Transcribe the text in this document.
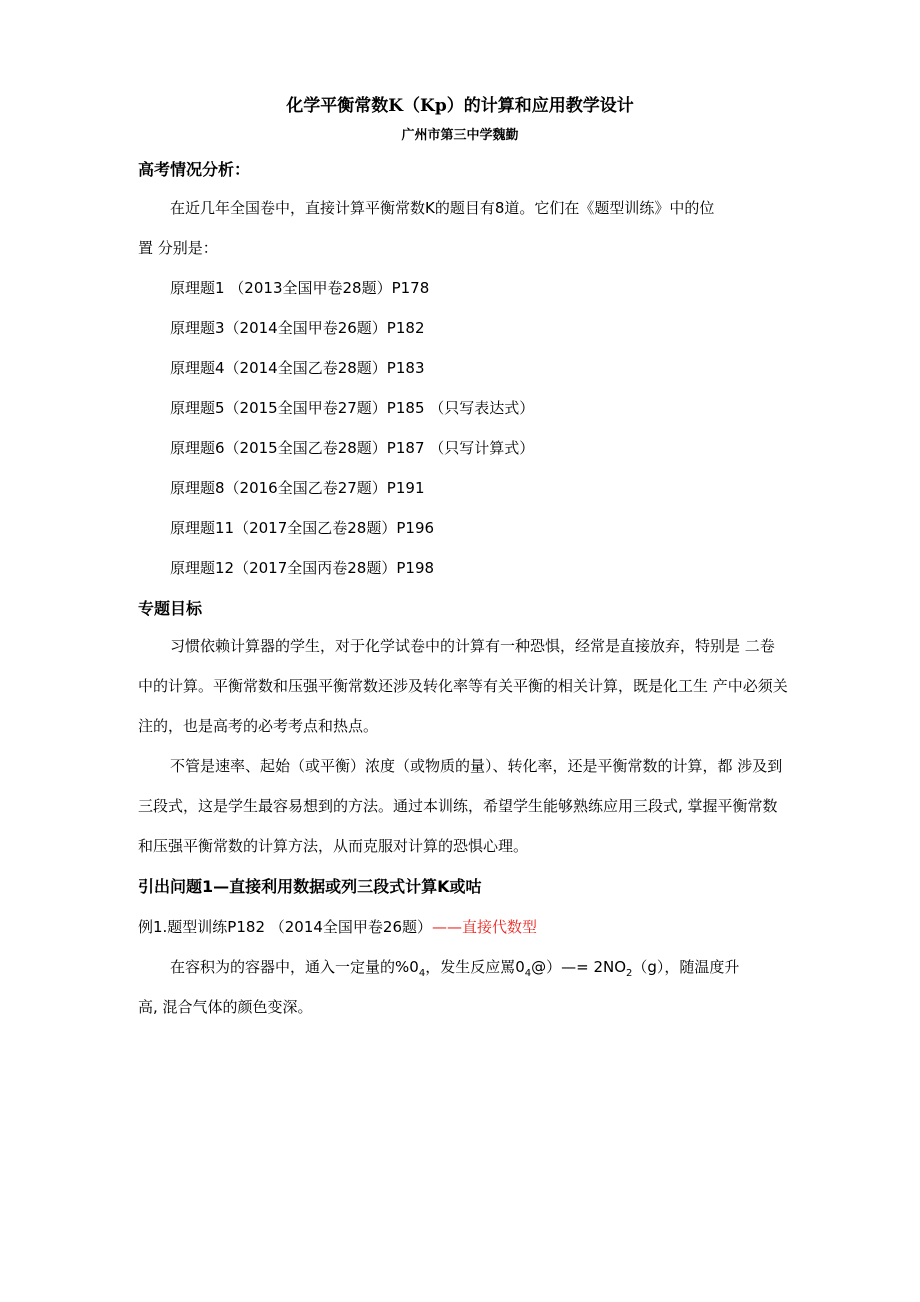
化学平衡常数K（Kp）的计算和应用教学设计
广州市第三中学魏勤
高考情况分析：
在近几年全国卷中，直接计算平衡常数K的题目有8道。它们在《题型训练》中的位
置 分别是：
原理题1 （2013全国甲卷28题）P178
原理题3（2014全国甲卷26题）P182
原理题4（2014全国乙卷28题）P183
原理题5（2015全国甲卷27题）P185 （只写表达式）
原理题6（2015全国乙卷28题）P187 （只写计算式）
原理题8（2016全国乙卷27题）P191
原理题11（2017全国乙卷28题）P196
原理题12（2017全国丙卷28题）P198
专题目标
习惯依赖计算器的学生，对于化学试卷中的计算有一种恐惧，经常是直接放弃，特别是 二卷中的计算。平衡常数和压强平衡常数还涉及转化率等有关平衡的相关计算，既是化工生 产中必须关注的，也是高考的必考考点和热点。
不管是速率、起始（或平衡）浓度（或物质的量）、转化率，还是平衡常数的计算，都 涉及到三段式，这是学生最容易想到的方法。通过本训练，希望学生能够熟练应用三段式, 掌握平衡常数和压强平衡常数的计算方法，从而克服对计算的恐惧心理。
引出问题1—直接利用数据或列三段式计算K或咕
例1.题型训练P182 （2014全国甲卷26题）——直接代数型
在容积为的容器中，通入一定量的$\%0_4$，发生反应罵$0_4@)—= 2NO_2(g)$，随温度升
高, 混合气体的颜色变深。
